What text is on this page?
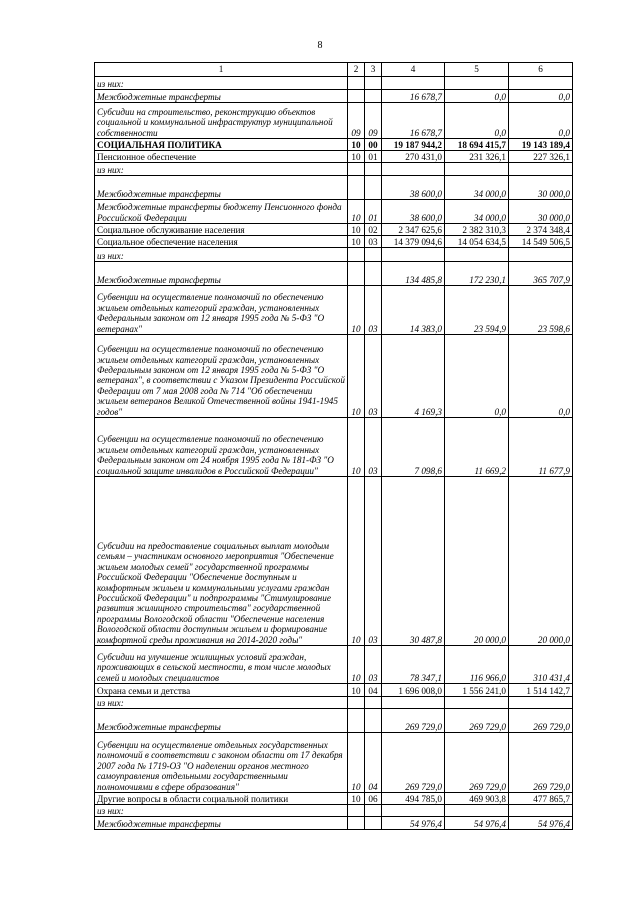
8
1	2	3	4	5	6
из них:					
Межбюджетные трансферты			16 678,7	0,0	0,0
Субсидии на строительство, реконструкцию объектов социальной и коммунальной инфраструктур муниципальной собственности	09	09	16 678,7	0,0	0,0
СОЦИАЛЬНАЯ ПОЛИТИКА	10	00	19 187 944,2	18 694 415,7	19 143 189,4
Пенсионное обеспечение	10	01	270 431,0	231 326,1	227 326,1
из них:					
Межбюджетные трансферты			38 600,0	34 000,0	30 000,0
Межбюджетные трансферты бюджету Пенсионного фонда Российской Федерации	10	01	38 600,0	34 000,0	30 000,0
Социальное обслуживание населения	10	02	2 347 625,6	2 382 310,3	2 374 348,4
Социальное обеспечение населения	10	03	14 379 094,6	14 054 634,5	14 549 506,5
из них:					
Межбюджетные трансферты			134 485,8	172 230,1	365 707,9
Субвенции на осуществление полномочий по обеспечению жильем отдельных категорий граждан, установленных Федеральным законом от 12 января 1995 года № 5-ФЗ "О ветеранах"	10	03	14 383,0	23 594,9	23 598,6
Субвенции на осуществление полномочий по обеспечению жильем отдельных категорий граждан, установленных Федеральным законом от 12 января 1995 года № 5-ФЗ "О ветеранах", в соответствии с Указом Президента Российской Федерации от 7 мая 2008 года № 714 "Об обеспечении жильем ветеранов Великой Отечественной войны 1941-1945 годов"	10	03	4 169,3	0,0	0,0
Субвенции на осуществление полномочий по обеспечению жильем отдельных категорий граждан, установленных Федеральным законом от 24 ноября 1995 года № 181-ФЗ "О социальной защите инвалидов в Российской Федерации"	10	03	7 098,6	11 669,2	11 677,9
Субсидии на предоставление социальных выплат молодым семьям – участникам основного мероприятия "Обеспечение жильем молодых семей" государственной программы Российской Федерации "Обеспечение доступным и комфортным жильем и коммунальными услугами граждан Российской Федерации" и подпрограммы "Стимулирование развития жилищного строительства" государственной программы Вологодской области "Обеспечение населения Вологодской области доступным жильем и формирование комфортной среды проживания на 2014-2020 годы"	10	03	30 487,8	20 000,0	20 000,0
Субсидии на улучшение жилищных условий граждан, проживающих в сельской местности, в том числе молодых семей и молодых специалистов	10	03	78 347,1	116 966,0	310 431,4
Охрана семьи и детства	10	04	1 696 008,0	1 556 241,0	1 514 142,7
из них:					
Межбюджетные трансферты			269 729,0	269 729,0	269 729,0
Субвенции на осуществление отдельных государственных полномочий в соответствии с законом области от 17 декабря 2007 года № 1719-ОЗ "О наделении органов местного самоуправления отдельными государственными полномочиями в сфере образования"	10	04	269 729,0	269 729,0	269 729,0
Другие вопросы в области социальной политики	10	06	494 785,0	469 903,8	477 865,7
из них:					
Межбюджетные трансферты			54 976,4	54 976,4	54 976,4
